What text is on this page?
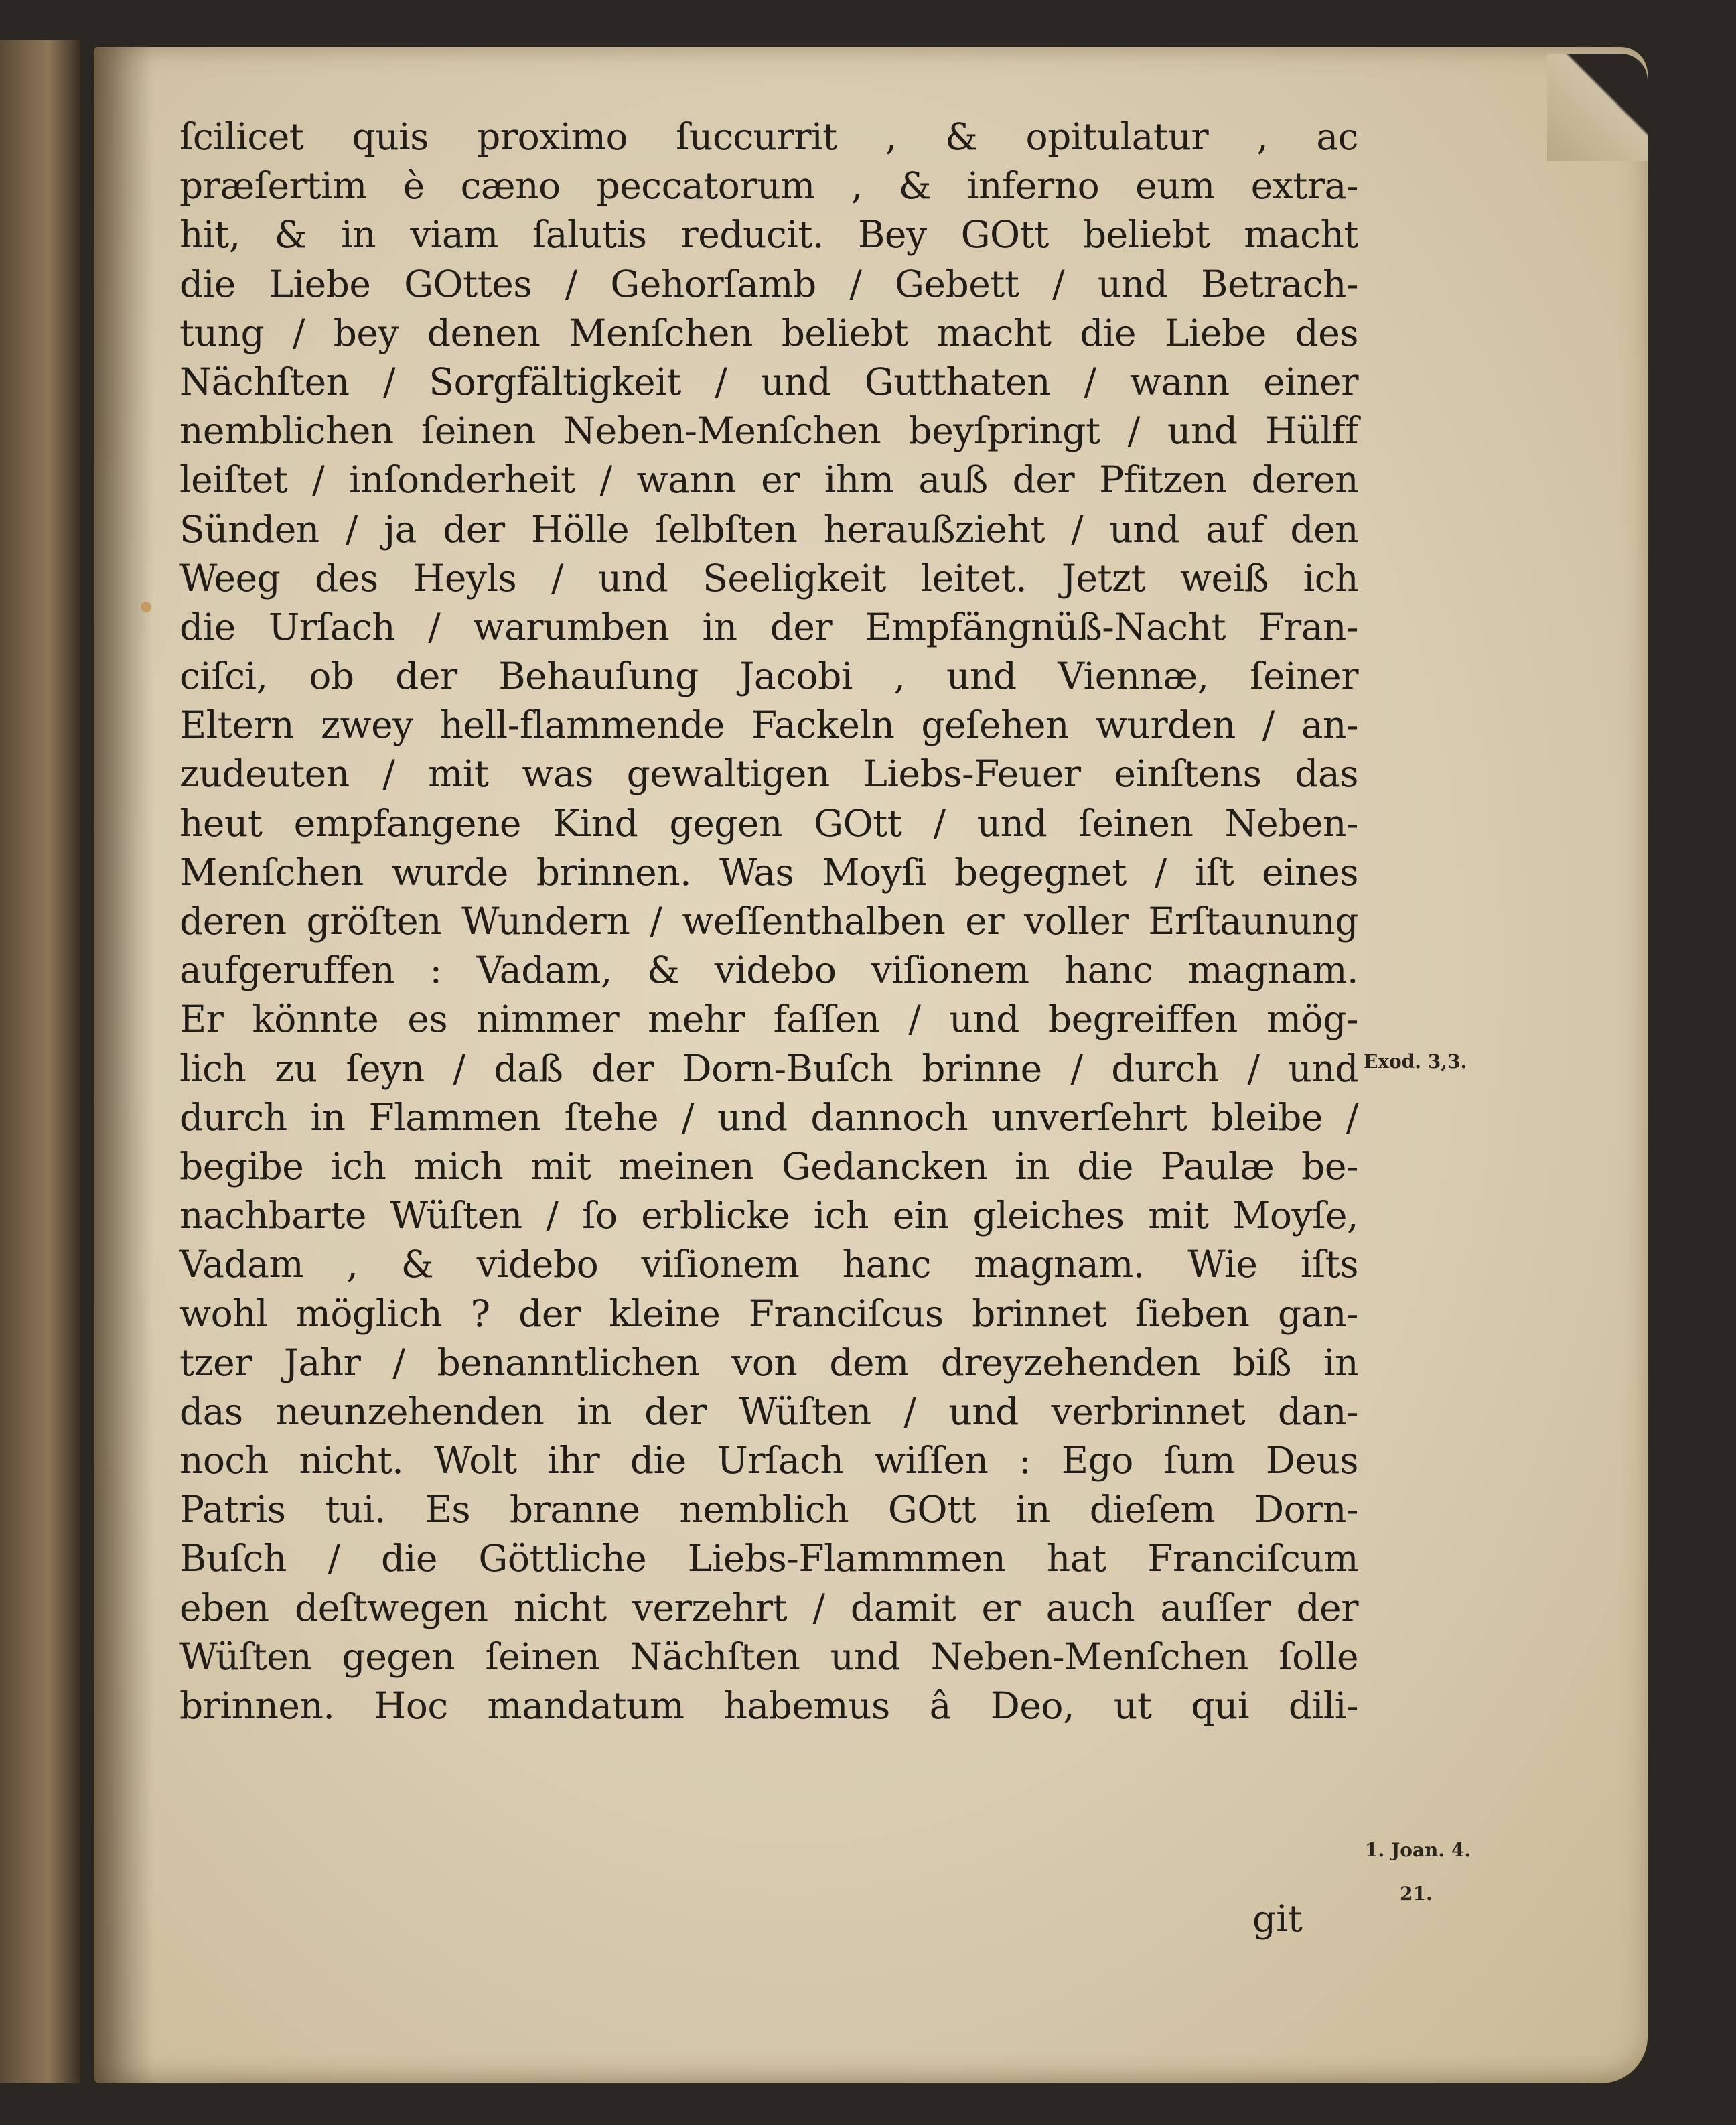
ſcilicet quis proximo ſuccurrit , & opitulatur , ac
præſertim è cæno peccatorum , & inferno eum extra-
hit, & in viam ſalutis reducit. Bey GOtt beliebt macht
die Liebe GOttes / Gehorſamb / Gebett / und Betrach-
tung / bey denen Menſchen beliebt macht die Liebe des
Nächſten / Sorgfältigkeit / und Gutthaten / wann einer
nemblichen ſeinen Neben-Menſchen beyſpringt / und Hülff
leiſtet / inſonderheit / wann er ihm auß der Pfitzen deren
Sünden / ja der Hölle ſelbſten heraußzieht / und auf den
Weeg des Heyls / und Seeligkeit leitet. Jetzt weiß ich
die Urſach / warumben in der Empfängnüß-Nacht Fran-
ciſci, ob der Behauſung Jacobi , und Viennæ, ſeiner
Eltern zwey hell-flammende Fackeln geſehen wurden / an-
zudeuten / mit was gewaltigen Liebs-Feuer einſtens das
heut empfangene Kind gegen GOtt / und ſeinen Neben-
Menſchen wurde brinnen. Was Moyſi begegnet / iſt eines
deren gröſten Wundern / weſſenthalben er voller Erſtaunung
aufgeruffen : Vadam, & videbo viſionem hanc magnam.
Er könnte es nimmer mehr faſſen / und begreiffen mög-
lich zu ſeyn / daß der Dorn-Buſch brinne / durch / und
durch in Flammen ſtehe / und dannoch unverſehrt bleibe /
begibe ich mich mit meinen Gedancken in die Paulæ be-
nachbarte Wüſten / ſo erblicke ich ein gleiches mit Moyſe,
Vadam , & videbo viſionem hanc magnam. Wie iſts
wohl möglich ? der kleine Franciſcus brinnet ſieben gan-
tzer Jahr / benanntlichen von dem dreyzehenden biß in
das neunzehenden in der Wüſten / und verbrinnet dan-
noch nicht. Wolt ihr die Urſach wiſſen : Ego ſum Deus
Patris tui. Es branne nemblich GOtt in dieſem Dorn-
Buſch / die Göttliche Liebs-Flammmen hat Franciſcum
eben deſtwegen nicht verzehrt / damit er auch auſſer der
Wüſten gegen ſeinen Nächſten und Neben-Menſchen ſolle
brinnen. Hoc mandatum habemus â Deo, ut qui dili-
git
Exod. 3,3.
1. Joan. 4.
21.
